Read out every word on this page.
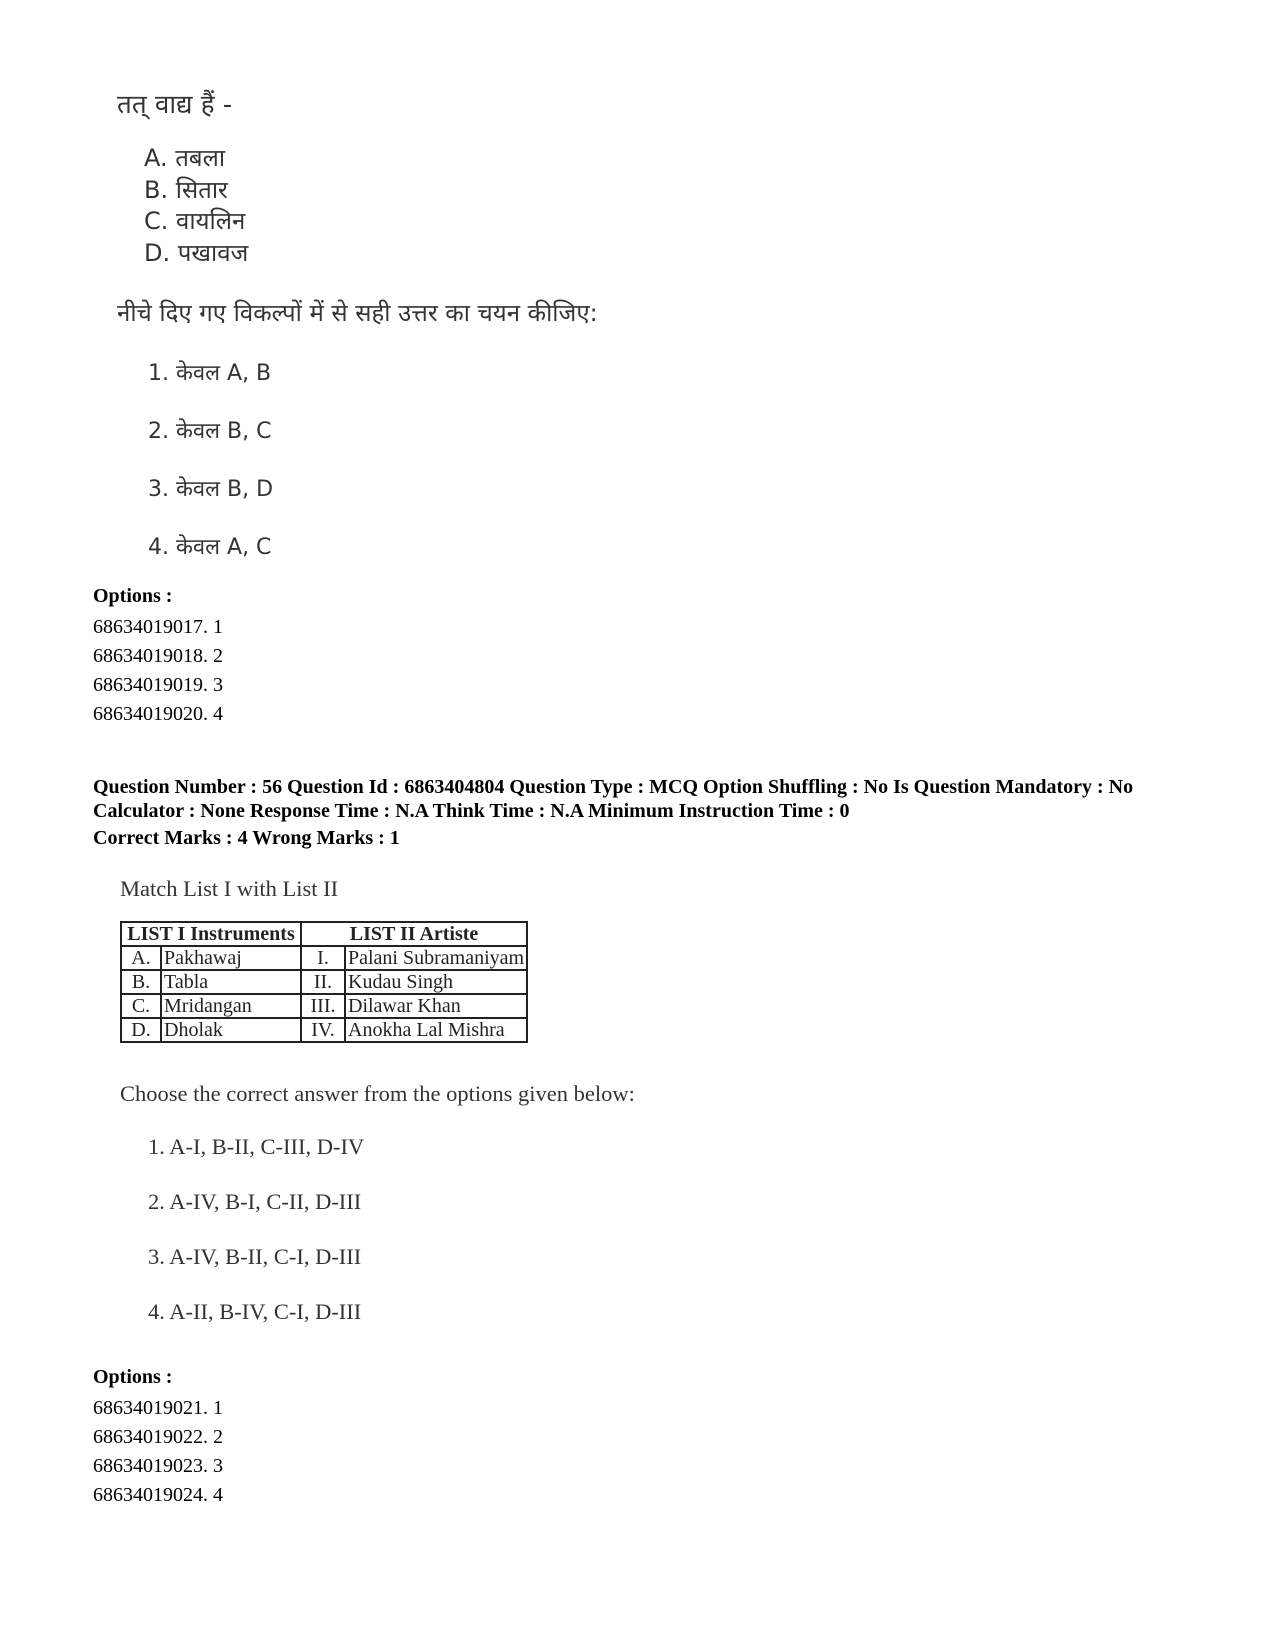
तत् वाद्य हैं -
A. तबला
B. सितार
C. वायलिन
D. पखावज
नीचे दिए गए विकल्पों में से सही उत्तर का चयन कीजिए:
1. केवल A, B
2. केवल B, C
3. केवल B, D
4. केवल A, C
Options :
68634019017. 1
68634019018. 2
68634019019. 3
68634019020. 4
Question Number : 56 Question Id : 6863404804 Question Type : MCQ Option Shuffling : No Is Question Mandatory : No Calculator : None Response Time : N.A Think Time : N.A Minimum Instruction Time : 0
Correct Marks : 4 Wrong Marks : 1
Match List I with List II
LIST I Instruments		LIST II Artiste	
A.	Pakhawaj	I.	Palani Subramaniyam
B.	Tabla	II.	Kudau Singh
C.	Mridangan	III.	Dilawar Khan
D.	Dholak	IV.	Anokha Lal Mishra
Choose the correct answer from the options given below:
1. A-I, B-II, C-III, D-IV
2. A-IV, B-I, C-II, D-III
3. A-IV, B-II, C-I, D-III
4. A-II, B-IV, C-I, D-III
Options :
68634019021. 1
68634019022. 2
68634019023. 3
68634019024. 4
